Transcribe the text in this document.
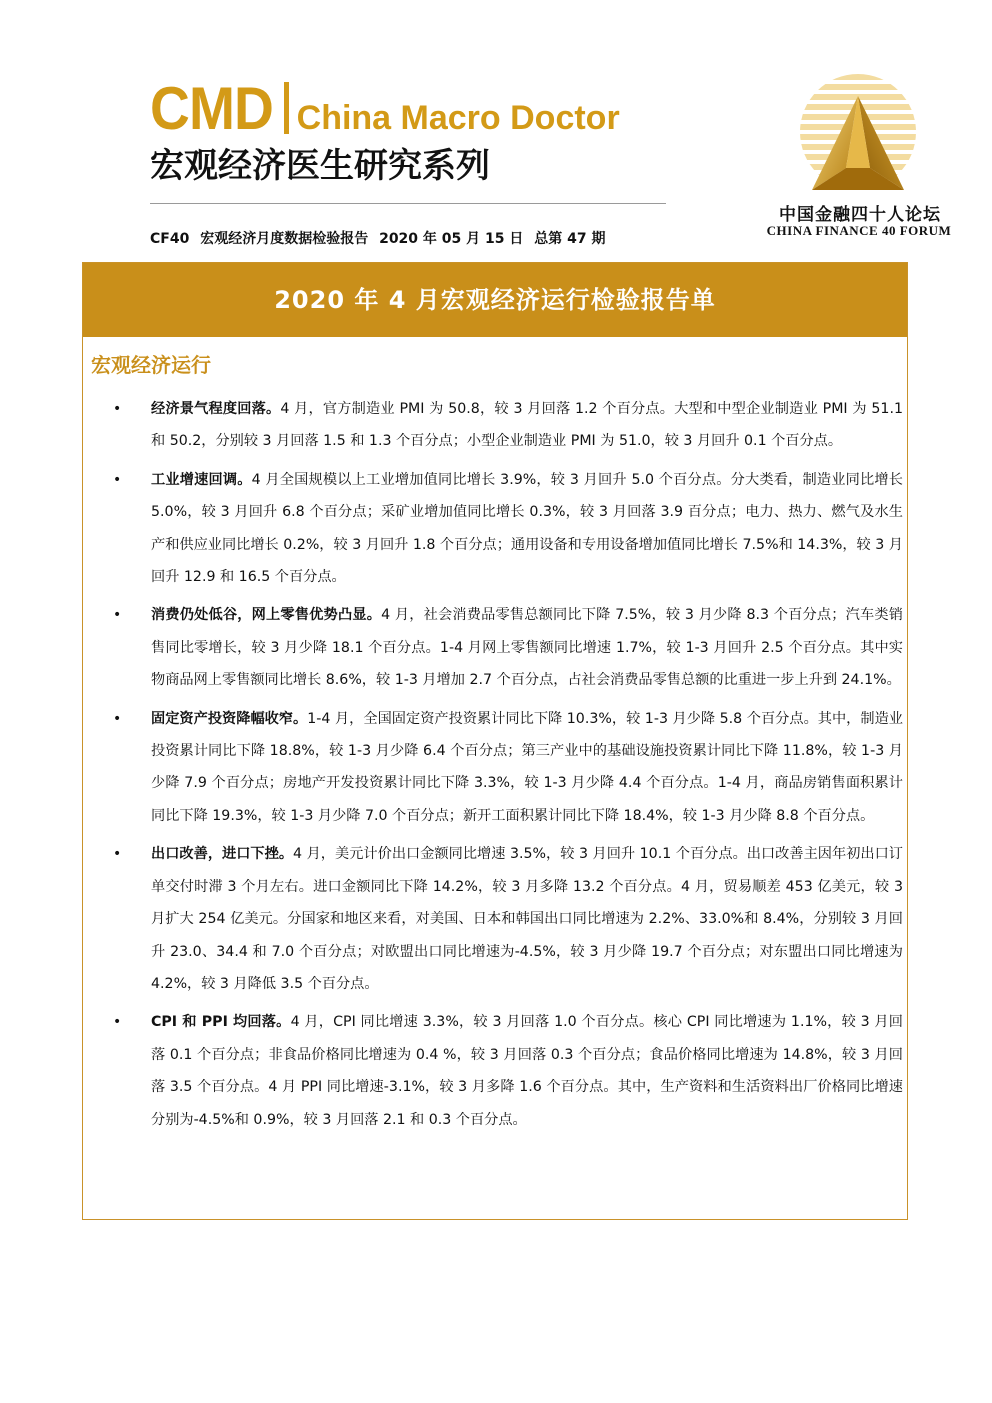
CMD China Macro Doctor
宏观经济医生研究系列
CF40 宏观经济月度数据检验报告 2020 年 05 月 15 日 总第 47 期
中国金融四十人论坛
CHINA FINANCE 40 FORUM
2020 年 4 月宏观经济运行检验报告单
宏观经济运行
• 经济景气程度回落。4 月，官方制造业 PMI 为 50.8，较 3 月回落 1.2 个百分点。大型和中型企业制造业 PMI 为 51.1 和 50.2，分别较 3 月回落 1.5 和 1.3 个百分点；小型企业制造业 PMI 为 51.0，较 3 月回升 0.1 个百分点。
• 工业增速回调。4 月全国规模以上工业增加值同比增长 3.9%，较 3 月回升 5.0 个百分点。分大类看，制造业同比增长 5.0%，较 3 月回升 6.8 个百分点；采矿业增加值同比增长 0.3%，较 3 月回落 3.9 百分点；电力、热力、燃气及水生产和供应业同比增长 0.2%，较 3 月回升 1.8 个百分点；通用设备和专用设备增加值同比增长 7.5%和 14.3%，较 3 月回升 12.9 和 16.5 个百分点。
• 消费仍处低谷，网上零售优势凸显。4 月，社会消费品零售总额同比下降 7.5%，较 3 月少降 8.3 个百分点；汽车类销售同比零增长，较 3 月少降 18.1 个百分点。1-4 月网上零售额同比增速 1.7%，较 1-3 月回升 2.5 个百分点。其中实物商品网上零售额同比增长 8.6%，较 1-3 月增加 2.7 个百分点，占社会消费品零售总额的比重进一步上升到 24.1%。
• 固定资产投资降幅收窄。1-4 月，全国固定资产投资累计同比下降 10.3%，较 1-3 月少降 5.8 个百分点。其中，制造业投资累计同比下降 18.8%，较 1-3 月少降 6.4 个百分点；第三产业中的基础设施投资累计同比下降 11.8%，较 1-3 月少降 7.9 个百分点；房地产开发投资累计同比下降 3.3%，较 1-3 月少降 4.4 个百分点。1-4 月，商品房销售面积累计同比下降 19.3%，较 1-3 月少降 7.0 个百分点；新开工面积累计同比下降 18.4%，较 1-3 月少降 8.8 个百分点。
• 出口改善，进口下挫。4 月，美元计价出口金额同比增速 3.5%，较 3 月回升 10.1 个百分点。出口改善主因年初出口订单交付时滞 3 个月左右。进口金额同比下降 14.2%，较 3 月多降 13.2 个百分点。4 月，贸易顺差 453 亿美元，较 3 月扩大 254 亿美元。分国家和地区来看，对美国、日本和韩国出口同比增速为 2.2%、33.0%和 8.4%，分别较 3 月回升 23.0、34.4 和 7.0 个百分点；对欧盟出口同比增速为-4.5%，较 3 月少降 19.7 个百分点；对东盟出口同比增速为 4.2%，较 3 月降低 3.5 个百分点。
• CPI 和 PPI 均回落。4 月，CPI 同比增速 3.3%，较 3 月回落 1.0 个百分点。核心 CPI 同比增速为 1.1%，较 3 月回落 0.1 个百分点；非食品价格同比增速为 0.4 %，较 3 月回落 0.3 个百分点；食品价格同比增速为 14.8%，较 3 月回落 3.5 个百分点。4 月 PPI 同比增速-3.1%，较 3 月多降 1.6 个百分点。其中，生产资料和生活资料出厂价格同比增速分别为-4.5%和 0.9%，较 3 月回落 2.1 和 0.3 个百分点。
